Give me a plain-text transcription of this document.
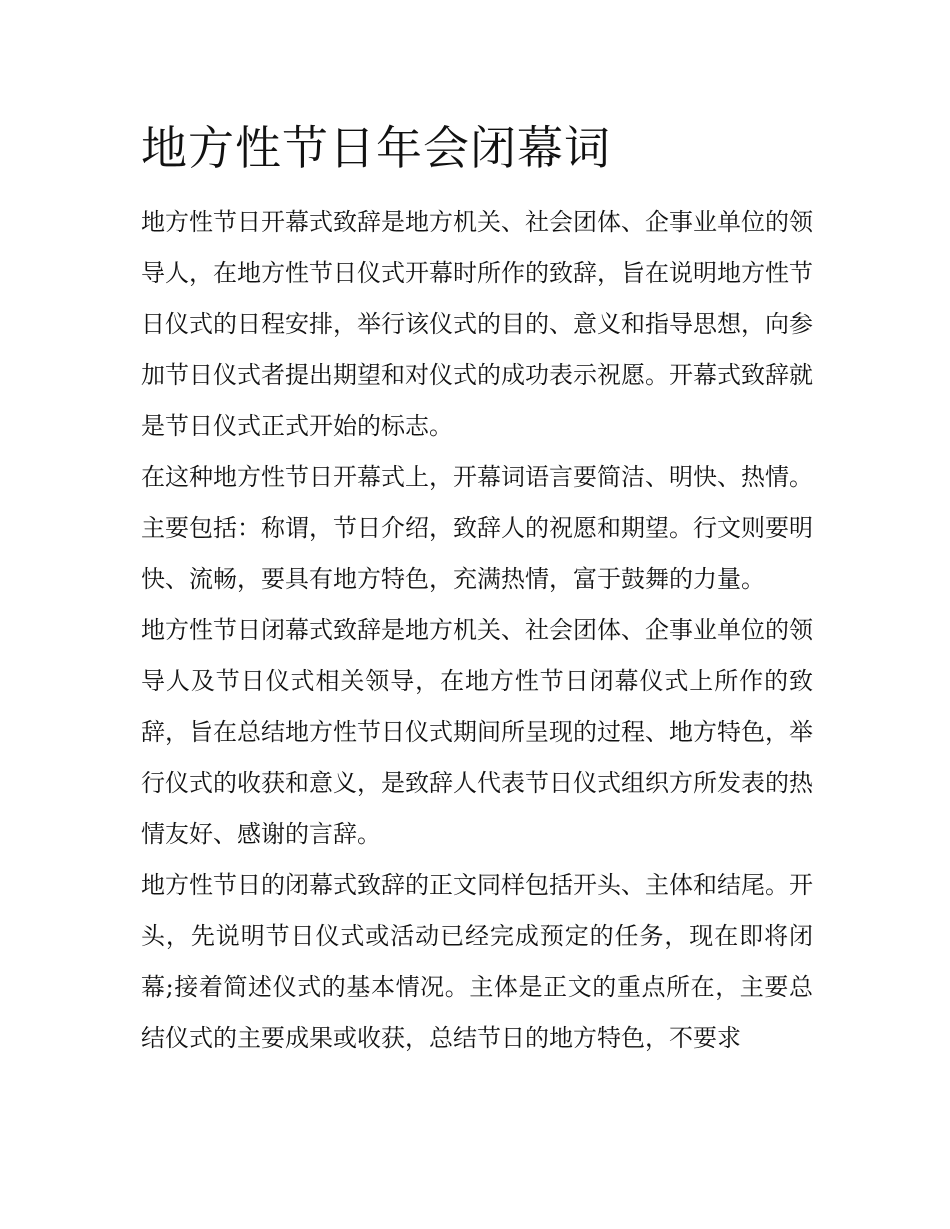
地方性节日年会闭幕词

地方性节日开幕式致辞是地方机关、社会团体、企事业单位的领导人，在地方性节日仪式开幕时所作的致辞，旨在说明地方性节日仪式的日程安排，举行该仪式的目的、意义和指导思想，向参加节日仪式者提出期望和对仪式的成功表示祝愿。开幕式致辞就是节日仪式正式开始的标志。

在这种地方性节日开幕式上，开幕词语言要简洁、明快、热情。主要包括：称谓，节日介绍，致辞人的祝愿和期望。行文则要明快、流畅，要具有地方特色，充满热情，富于鼓舞的力量。

地方性节日闭幕式致辞是地方机关、社会团体、企事业单位的领导人及节日仪式相关领导，在地方性节日闭幕仪式上所作的致辞，旨在总结地方性节日仪式期间所呈现的过程、地方特色，举行仪式的收获和意义，是致辞人代表节日仪式组织方所发表的热情友好、感谢的言辞。

地方性节日的闭幕式致辞的正文同样包括开头、主体和结尾。开头，先说明节日仪式或活动已经完成预定的任务，现在即将闭幕;接着简述仪式的基本情况。主体是正文的重点所在，主要总结仪式的主要成果或收获，总结节日的地方特色，不要求
